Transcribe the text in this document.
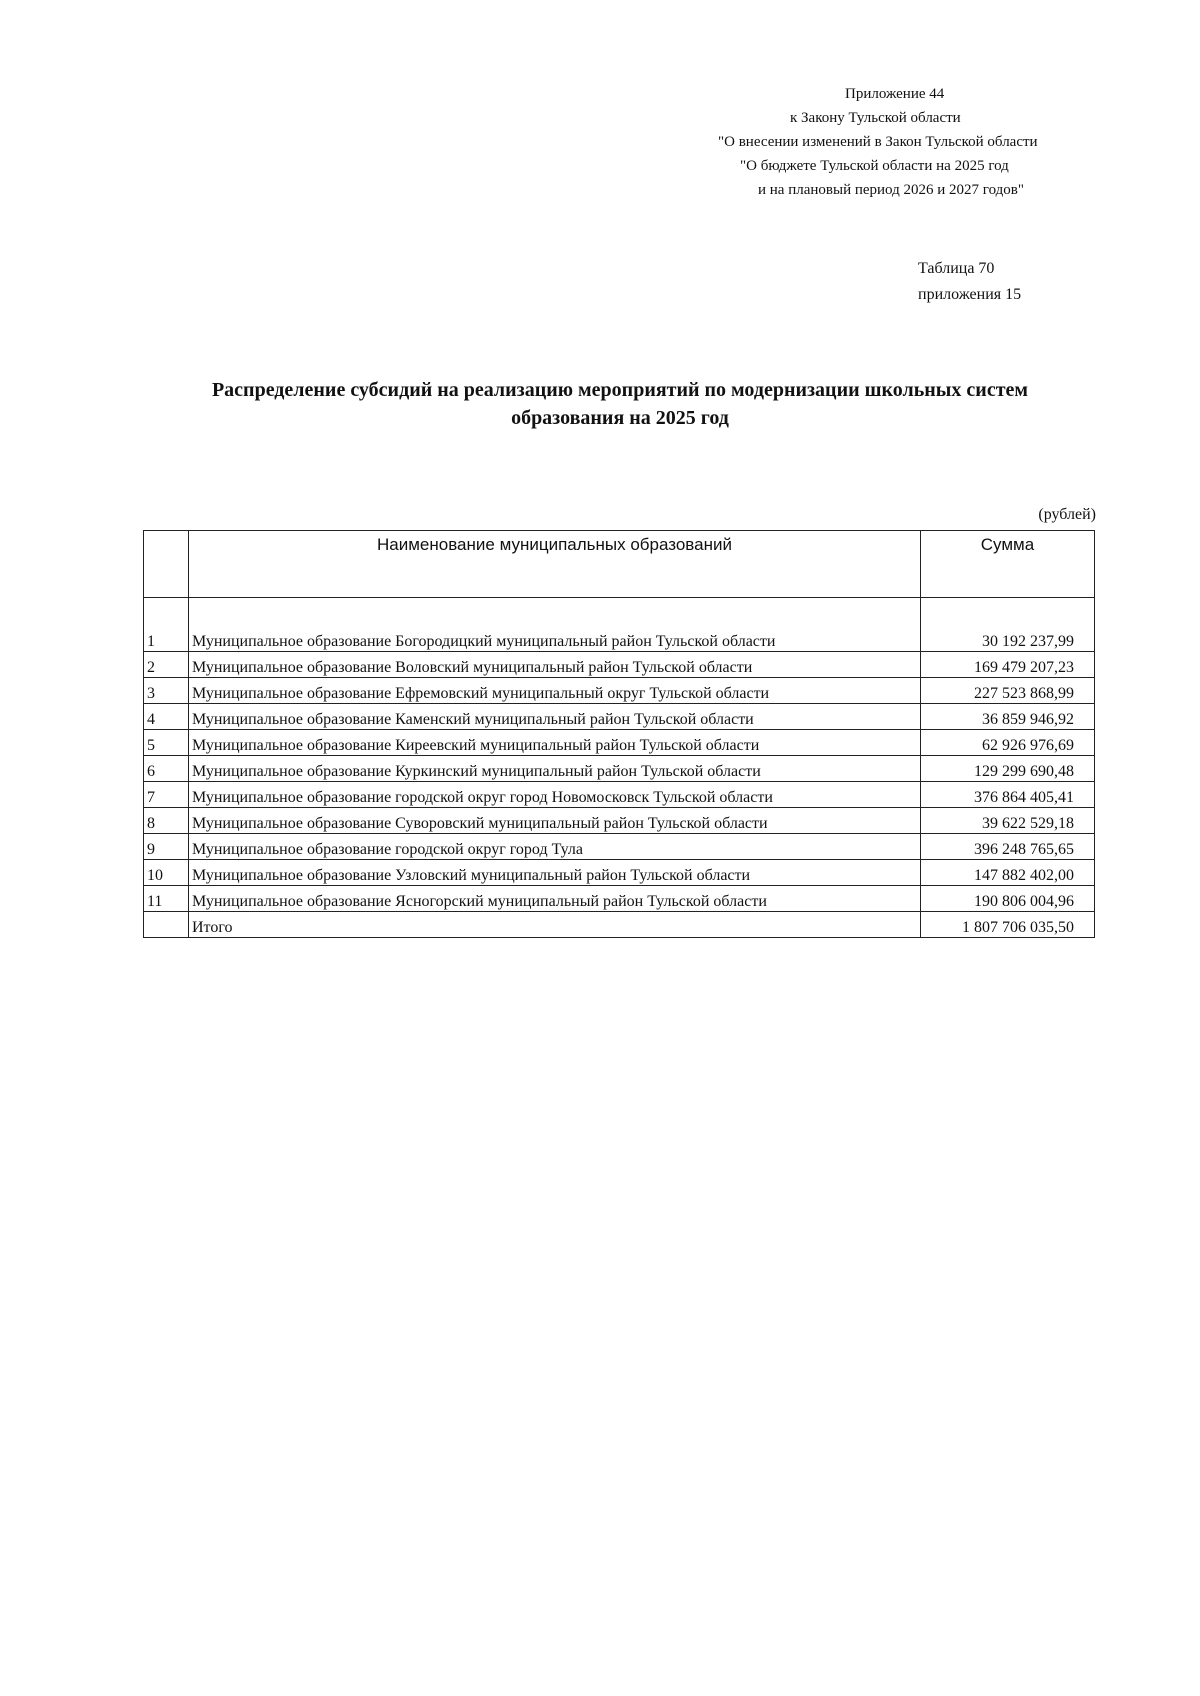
Приложение 44
к Закону Тульской области
"О внесении изменений в Закон Тульской области
"О бюджете Тульской области на 2025 год
и на плановый период 2026 и 2027 годов"
Таблица 70
приложения 15
Распределение субсидий на реализацию мероприятий по модернизации школьных систем
образования на 2025 год
(рублей)
	Наименование муниципальных образований	Сумма

1	Муниципальное образование Богородицкий муниципальный район Тульской области	30 192 237,99
2	Муниципальное образование Воловский муниципальный район Тульской области	169 479 207,23
3	Муниципальное образование Ефремовский муниципальный округ Тульской области	227 523 868,99
4	Муниципальное образование Каменский муниципальный район Тульской области	36 859 946,92
5	Муниципальное образование Киреевский муниципальный район Тульской области	62 926 976,69
6	Муниципальное образование Куркинский муниципальный район Тульской области	129 299 690,48
7	Муниципальное образование городской округ город Новомосковск Тульской области	376 864 405,41
8	Муниципальное образование Суворовский муниципальный район Тульской области	39 622 529,18
9	Муниципальное образование городской округ город Тула	396 248 765,65
10	Муниципальное образование Узловский муниципальный район Тульской области	147 882 402,00
11	Муниципальное образование Ясногорский муниципальный район Тульской области	190 806 004,96
	Итого	1 807 706 035,50
